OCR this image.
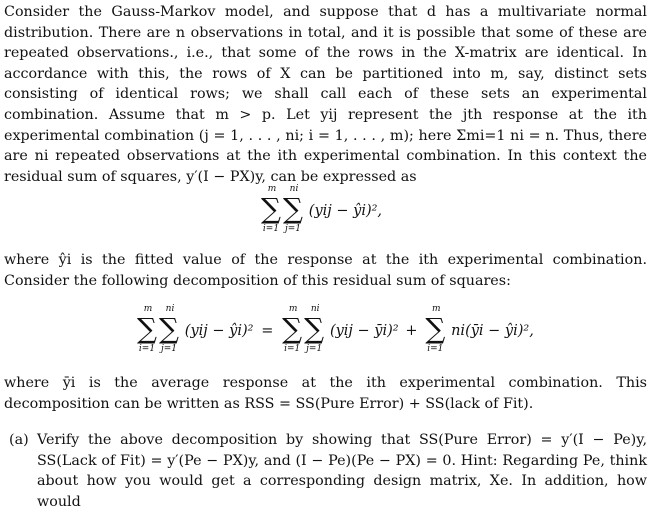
Consider the Gauss-Markov model, and suppose that d has a multivariate normal distribution. There are n observations in total, and it is possible that some of these are repeated observations., i.e., that some of the rows in the X-matrix are identical. In accordance with this, the rows of X can be partitioned into m, say, distinct sets consisting of identical rows; we shall call each of these sets an experimental combination. Assume that m > p. Let yij represent the jth response at the ith experimental combination (j = 1, . . . , ni; i = 1, . . . , m); here Σmi=1 ni = n. Thus, there are ni repeated observations at the ith experimental combination. In this context the residual sum of squares, y′(I − PX)y, can be expressed as

m
∑
i=1
ni
∑
j=1
(yij − ŷi)²,

where ŷi is the fitted value of the response at the ith experimental combination. Consider the following decomposition of this residual sum of squares:

m
∑
i=1
ni
∑
j=1
(yij − ŷi)² =
m
∑
i=1
ni
∑
j=1
(yij − ȳi)² +
m
∑
i=1
ni(ȳi − ŷi)²,

where ȳi is the average response at the ith experimental combination. This decomposition can be written as RSS = SS(Pure Error) + SS(lack of Fit).

(a) Verify the above decomposition by showing that SS(Pure Error) = y′(I − Pe)y, SS(Lack of Fit) = y′(Pe − PX)y, and (I − Pe)(Pe − PX) = 0. Hint: Regarding Pe, think about how you would get a corresponding design matrix, Xe. In addition, how would
